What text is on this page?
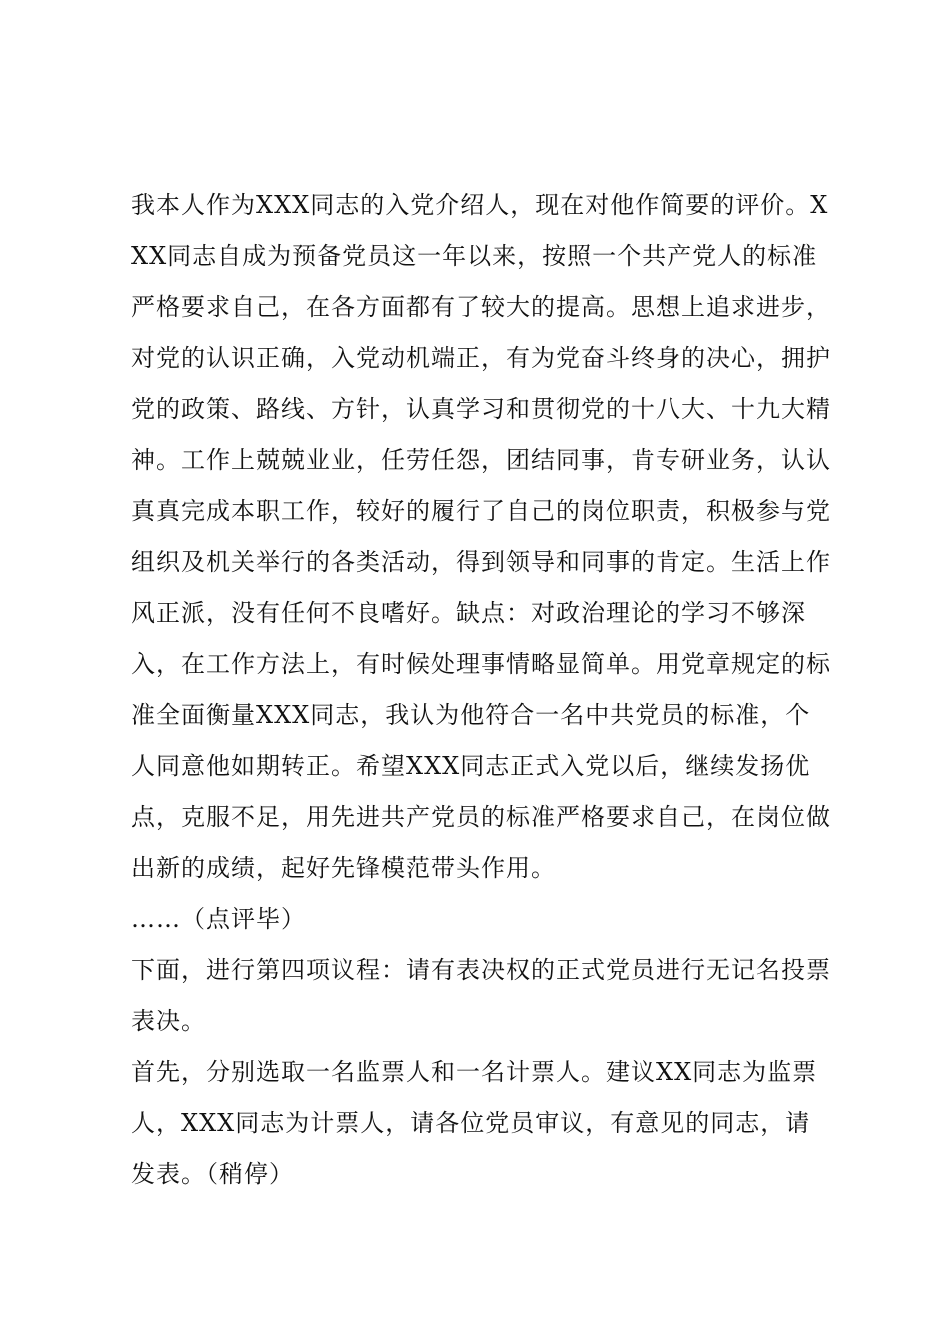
我本人作为XXX同志的入党介绍人，现在对他作简要的评价。XXX同志自成为预备党员这一年以来，按照一个共产党人的标准严格要求自己，在各方面都有了较大的提高。思想上追求进步，对党的认识正确，入党动机端正，有为党奋斗终身的决心，拥护党的政策、路线、方针，认真学习和贯彻党的十八大、十九大精神。工作上兢兢业业，任劳任怨，团结同事，肯专研业务，认认真真完成本职工作，较好的履行了自己的岗位职责，积极参与党组织及机关举行的各类活动，得到领导和同事的肯定。生活上作风正派，没有任何不良嗜好。缺点：对政治理论的学习不够深入，在工作方法上，有时候处理事情略显简单。用党章规定的标准全面衡量XXX同志，我认为他符合一名中共党员的标准，个人同意他如期转正。希望XXX同志正式入党以后，继续发扬优点，克服不足，用先进共产党员的标准严格要求自己，在岗位做出新的成绩，起好先锋模范带头作用。

……（点评毕）

下面，进行第四项议程：请有表决权的正式党员进行无记名投票表决。

首先，分别选取一名监票人和一名计票人。建议XX同志为监票人，XXX同志为计票人，请各位党员审议，有意见的同志，请发表。（稍停）
